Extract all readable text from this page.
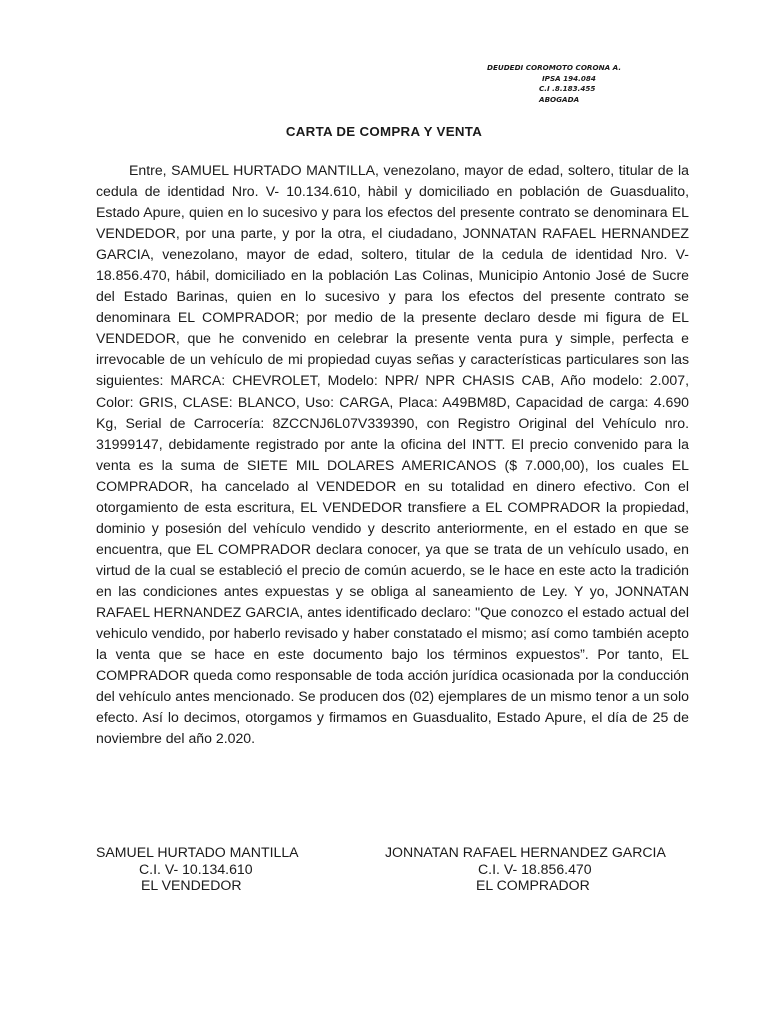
DEUDEDI COROMOTO CORONA A.
IPSA 194.084
C.I .8.183.455
ABOGADA
CARTA DE COMPRA Y VENTA

Entre, SAMUEL HURTADO MANTILLA, venezolano, mayor de edad, soltero, titular de la cedula de identidad Nro. V- 10.134.610, hàbil y domiciliado en población de Guasdualito, Estado Apure, quien en lo sucesivo y para los efectos del presente contrato se denominara EL VENDEDOR, por una parte, y por la otra, el ciudadano, JONNATAN RAFAEL HERNANDEZ GARCIA, venezolano, mayor de edad, soltero, titular de la cedula de identidad Nro. V- 18.856.470, hábil, domiciliado en la población Las Colinas, Municipio Antonio José de Sucre del Estado Barinas, quien en lo sucesivo y para los efectos del presente contrato se denominara EL COMPRADOR; por medio de la presente declaro desde mi figura de EL VENDEDOR, que he convenido en celebrar la presente venta pura y simple, perfecta e irrevocable de un vehículo de mi propiedad cuyas señas y características particulares son las siguientes: MARCA: CHEVROLET, Modelo: NPR/ NPR CHASIS CAB, Año modelo: 2.007, Color: GRIS, CLASE: BLANCO, Uso: CARGA, Placa: A49BM8D, Capacidad de carga: 4.690 Kg, Serial de Carrocería: 8ZCCNJ6L07V339390, con Registro Original del Vehículo nro. 31999147, debidamente registrado por ante la oficina del INTT. El precio convenido para la venta es la suma de SIETE MIL DOLARES AMERICANOS ($ 7.000,00), los cuales EL COMPRADOR, ha cancelado al VENDEDOR en su totalidad en dinero efectivo. Con el otorgamiento de esta escritura, EL VENDEDOR transfiere a EL COMPRADOR la propiedad, dominio y posesión del vehículo vendido y descrito anteriormente, en el estado en que se encuentra, que EL COMPRADOR declara conocer, ya que se trata de un vehículo usado, en virtud de la cual se estableció el precio de común acuerdo, se le hace en este acto la tradición en las condiciones antes expuestas y se obliga al saneamiento de Ley. Y yo, JONNATAN RAFAEL HERNANDEZ GARCIA, antes identificado declaro: "Que conozco el estado actual del vehiculo vendido, por haberlo revisado y haber constatado el mismo; así como también acepto la venta que se hace en este documento bajo los términos expuestos”. Por tanto, EL COMPRADOR queda como responsable de toda acción jurídica ocasionada por la conducción del vehículo antes mencionado. Se producen dos (02) ejemplares de un mismo tenor a un solo efecto. Así lo decimos, otorgamos y firmamos en Guasdualito, Estado Apure, el día de 25 de noviembre del año 2.020.

SAMUEL HURTADO MANTILLA
C.I. V- 10.134.610
EL VENDEDOR
JONNATAN RAFAEL HERNANDEZ GARCIA
C.I. V- 18.856.470
EL COMPRADOR
